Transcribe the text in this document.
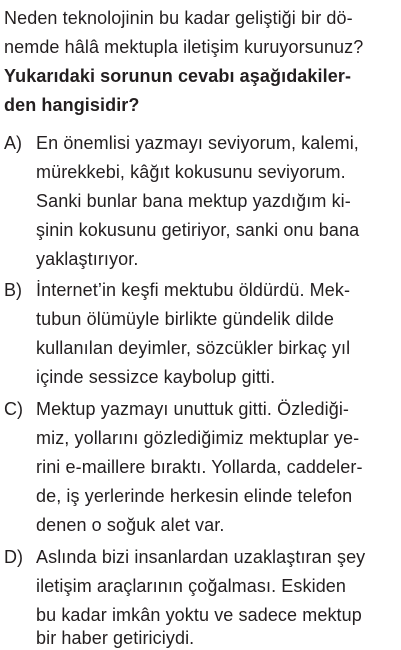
Neden teknolojinin bu kadar geliştiği bir dö-
nemde hâlâ mektupla iletişim kuruyorsunuz?
Yukarıdaki sorunun cevabı aşağıdakiler-
den hangisidir?
A) En önemlisi yazmayı seviyorum, kalemi,
mürekkebi, kâğıt kokusunu seviyorum.
Sanki bunlar bana mektup yazdığım ki-
şinin kokusunu getiriyor, sanki onu bana
yaklaştırıyor.
B) İnternet’in keşfi mektubu öldürdü. Mek-
tubun ölümüyle birlikte gündelik dilde
kullanılan deyimler, sözcükler birkaç yıl
içinde sessizce kaybolup gitti.
C) Mektup yazmayı unuttuk gitti. Özlediği-
miz, yollarını gözlediğimiz mektuplar ye-
rini e-maillere bıraktı. Yollarda, caddeler-
de, iş yerlerinde herkesin elinde telefon
denen o soğuk alet var.
D) Aslında bizi insanlardan uzaklaştıran şey
iletişim araçlarının çoğalması. Eskiden
bu kadar imkân yoktu ve sadece mektup
bir haber getiriciydi.
